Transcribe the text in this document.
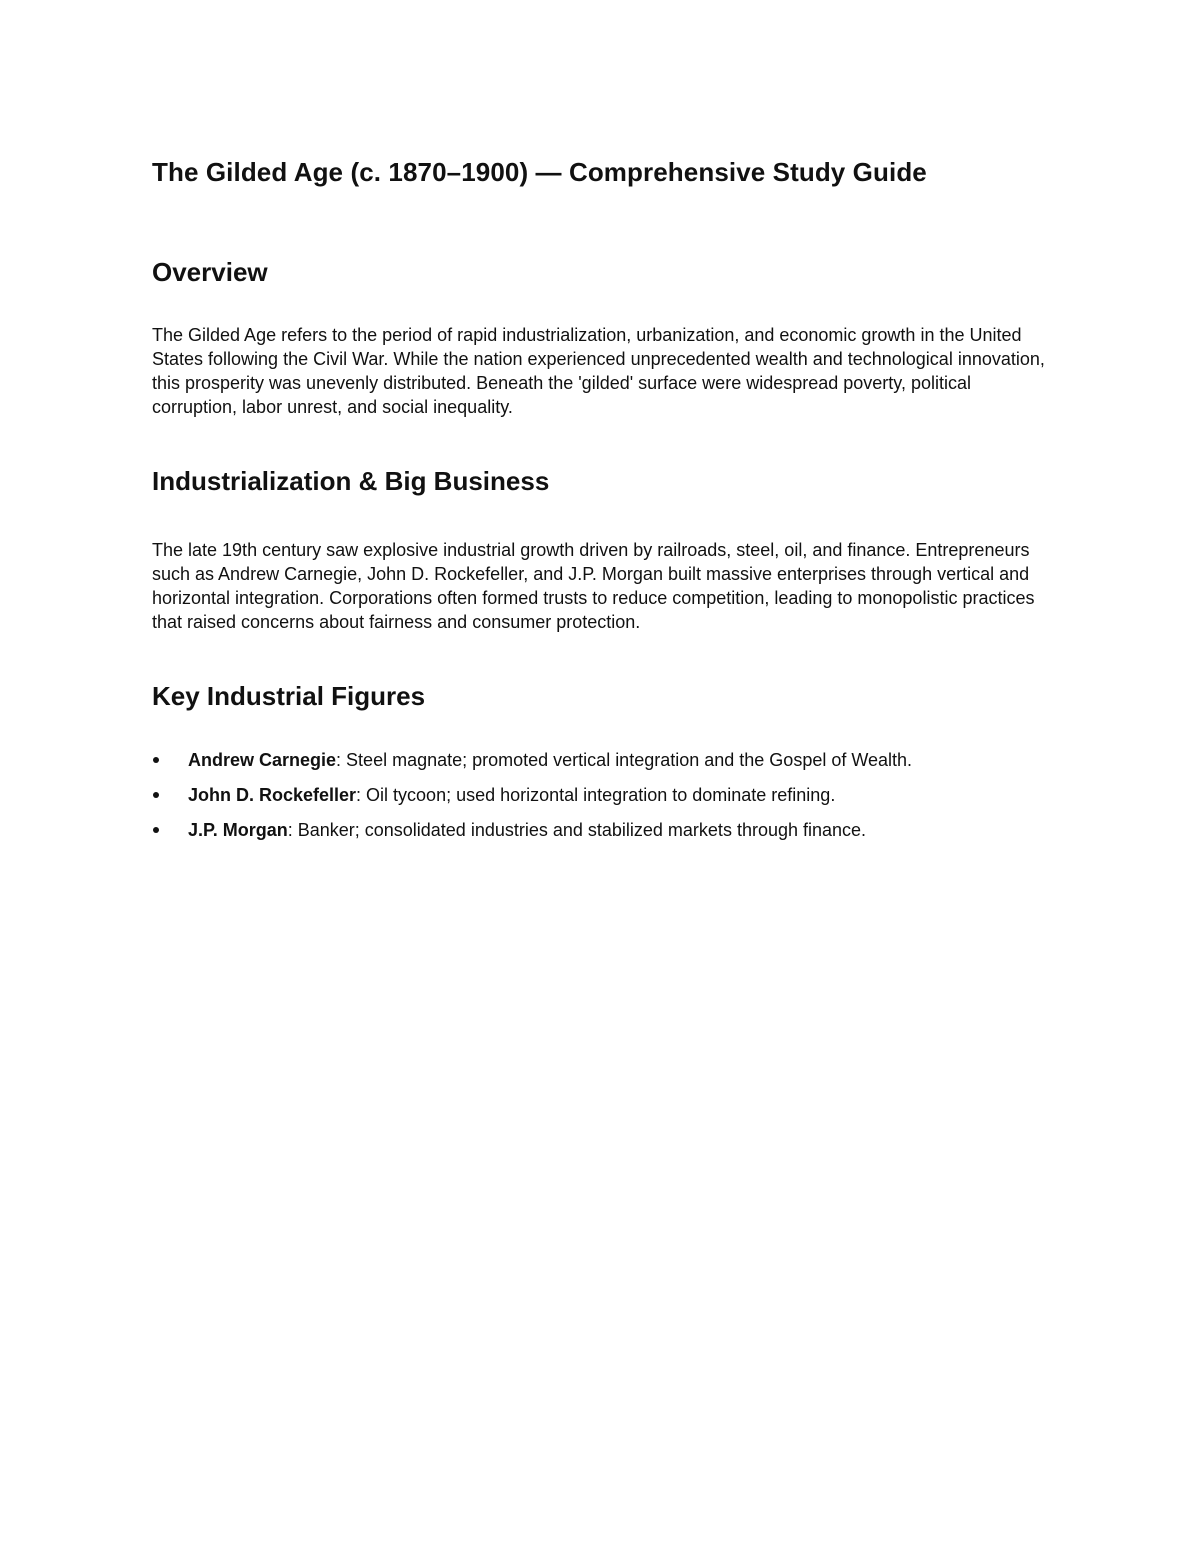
The Gilded Age (c. 1870–1900) — Comprehensive Study Guide
Overview

The Gilded Age refers to the period of rapid industrialization, urbanization, and economic growth in the United States following the Civil War. While the nation experienced unprecedented wealth and technological innovation, this prosperity was unevenly distributed. Beneath the 'gilded' surface were widespread poverty, political corruption, labor unrest, and social inequality.

Industrialization & Big Business

The late 19th century saw explosive industrial growth driven by railroads, steel, oil, and finance. Entrepreneurs such as Andrew Carnegie, John D. Rockefeller, and J.P. Morgan built massive enterprises through vertical and horizontal integration. Corporations often formed trusts to reduce competition, leading to monopolistic practices that raised concerns about fairness and consumer protection.

Key Industrial Figures
Andrew Carnegie: Steel magnate; promoted vertical integration and the Gospel of Wealth.
John D. Rockefeller: Oil tycoon; used horizontal integration to dominate refining.
J.P. Morgan: Banker; consolidated industries and stabilized markets through finance.
